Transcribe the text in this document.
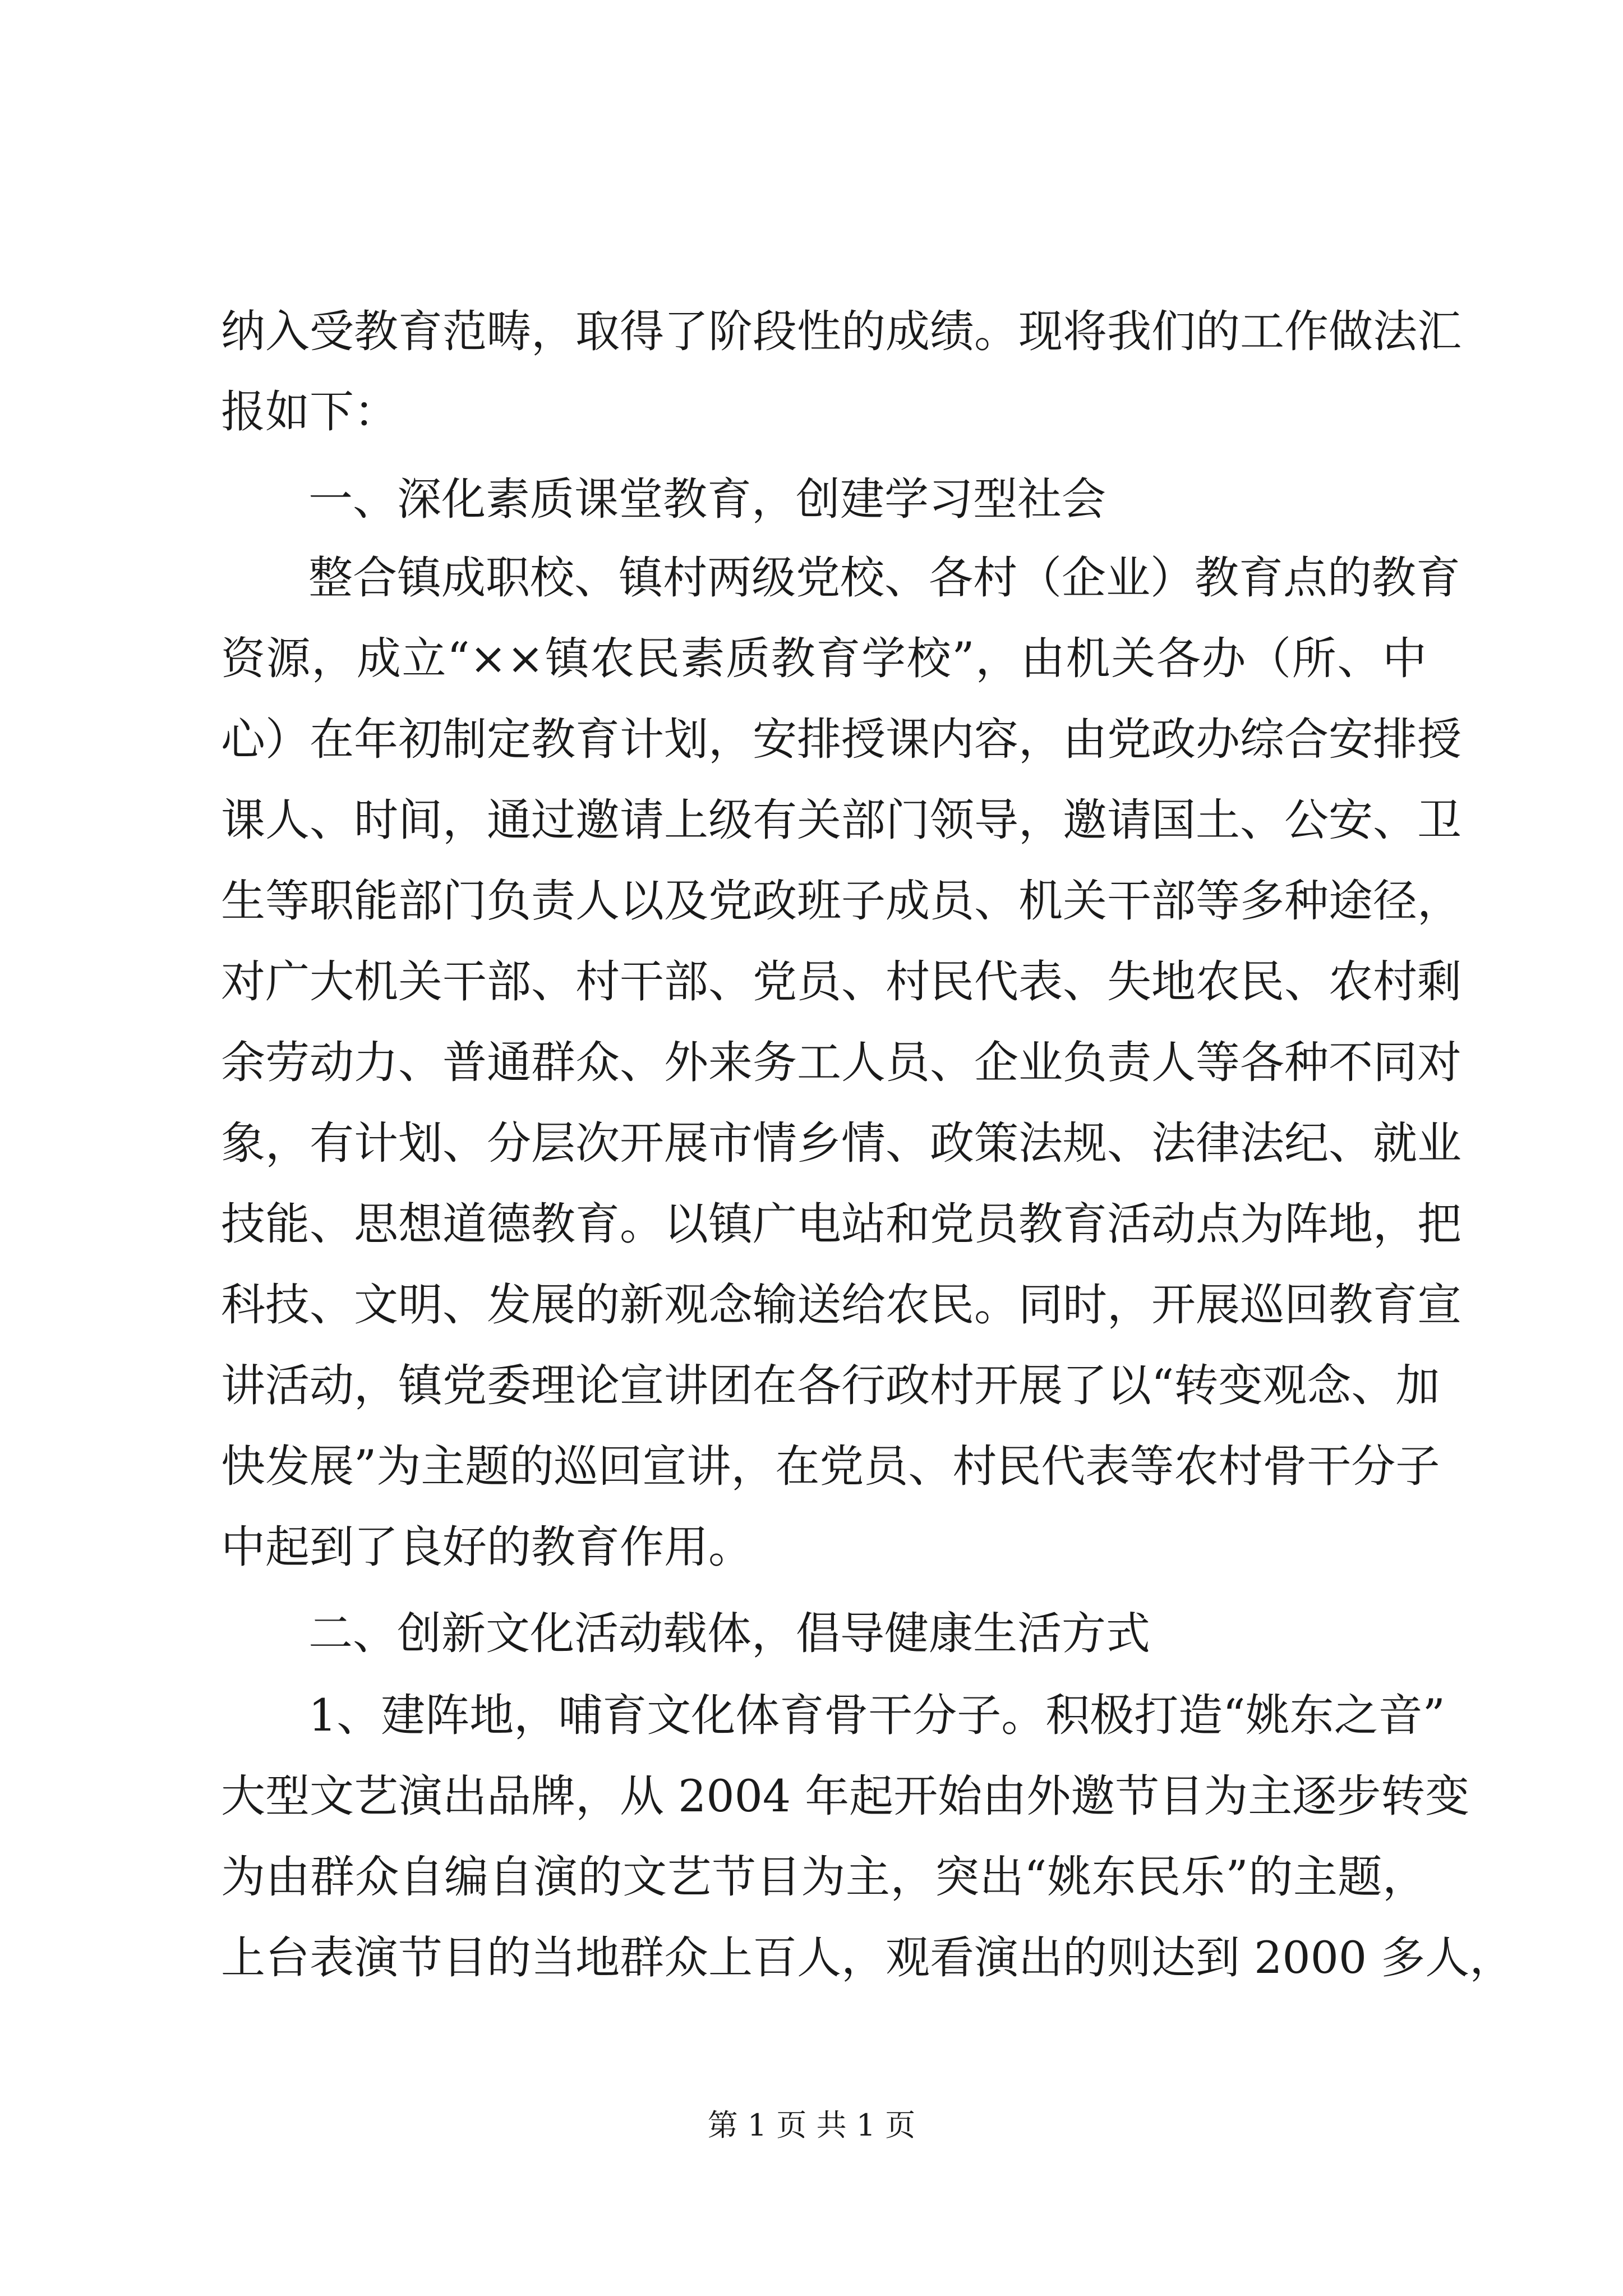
纳入受教育范畴，取得了阶段性的成绩。现将我们的工作做法汇
报如下：
一、深化素质课堂教育，创建学习型社会
整合镇成职校、镇村两级党校、各村（企业）教育点的教育
资源，成立“××镇农民素质教育学校”，由机关各办（所、中
心）在年初制定教育计划，安排授课内容，由党政办综合安排授
课人、时间，通过邀请上级有关部门领导，邀请国土、公安、卫
生等职能部门负责人以及党政班子成员、机关干部等多种途径，
对广大机关干部、村干部、党员、村民代表、失地农民、农村剩
余劳动力、普通群众、外来务工人员、企业负责人等各种不同对
象，有计划、分层次开展市情乡情、政策法规、法律法纪、就业
技能、思想道德教育。以镇广电站和党员教育活动点为阵地，把
科技、文明、发展的新观念输送给农民。同时，开展巡回教育宣
讲活动，镇党委理论宣讲团在各行政村开展了以“转变观念、加
快发展”为主题的巡回宣讲，在党员、村民代表等农村骨干分子
中起到了良好的教育作用。
二、创新文化活动载体，倡导健康生活方式
1、建阵地，哺育文化体育骨干分子。积极打造“姚东之音”
大型文艺演出品牌，从 2004 年起开始由外邀节目为主逐步转变
为由群众自编自演的文艺节目为主，突出“姚东民乐”的主题，
上台表演节目的当地群众上百人，观看演出的则达到 2000 多人，
第 1 页 共 1 页
